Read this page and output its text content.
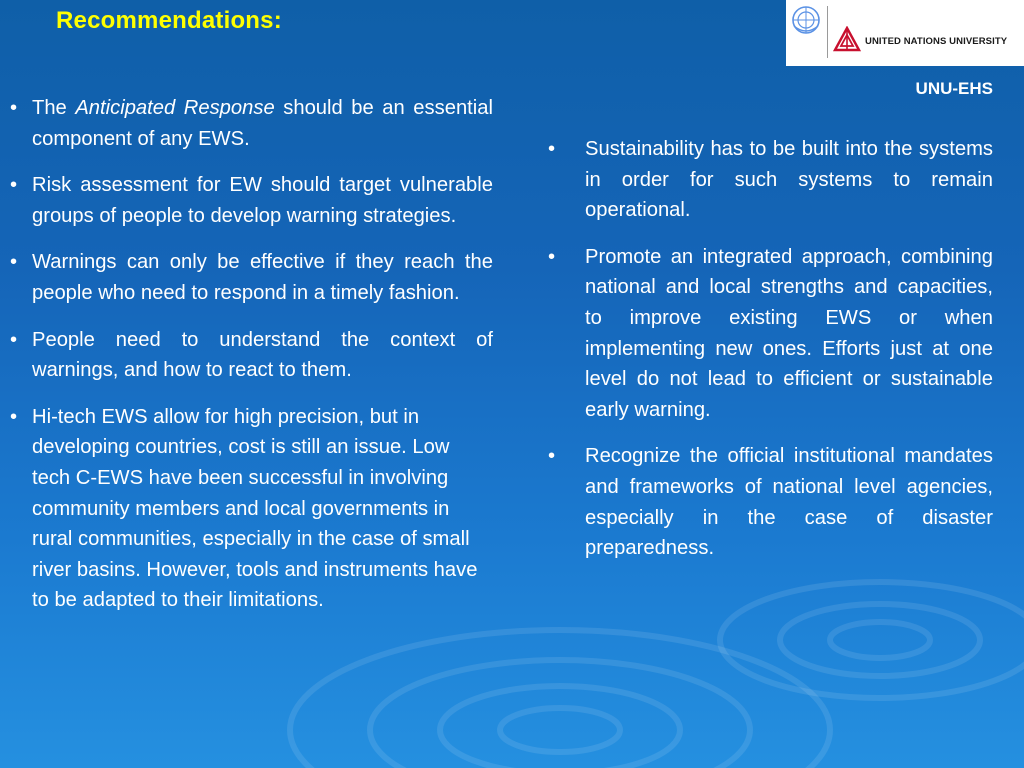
Recommendations:
UNITED NATIONS UNIVERSITY
UNU-EHS
• The Anticipated Response should be an essential component of any EWS.
• Risk assessment for EW should target vulnerable groups of people to develop warning strategies.
• Warnings can only be effective if they reach the people who need to respond in a timely fashion.
• People need to understand the context of warnings, and how to react to them.
• Hi-tech EWS allow for high precision, but in developing countries, cost is still an issue. Low tech C-EWS have been successful in involving community members and local governments in rural communities, especially in the case of small river basins. However, tools and instruments have to be adapted to their limitations.
• Sustainability has to be built into the systems in order for such systems to remain operational.
• Promote an integrated approach, combining national and local strengths and capacities, to improve existing EWS or when implementing new ones. Efforts just at one level do not lead to efficient or sustainable early warning.
• Recognize the official institutional mandates and frameworks of national level agencies, especially in the case of disaster preparedness.
